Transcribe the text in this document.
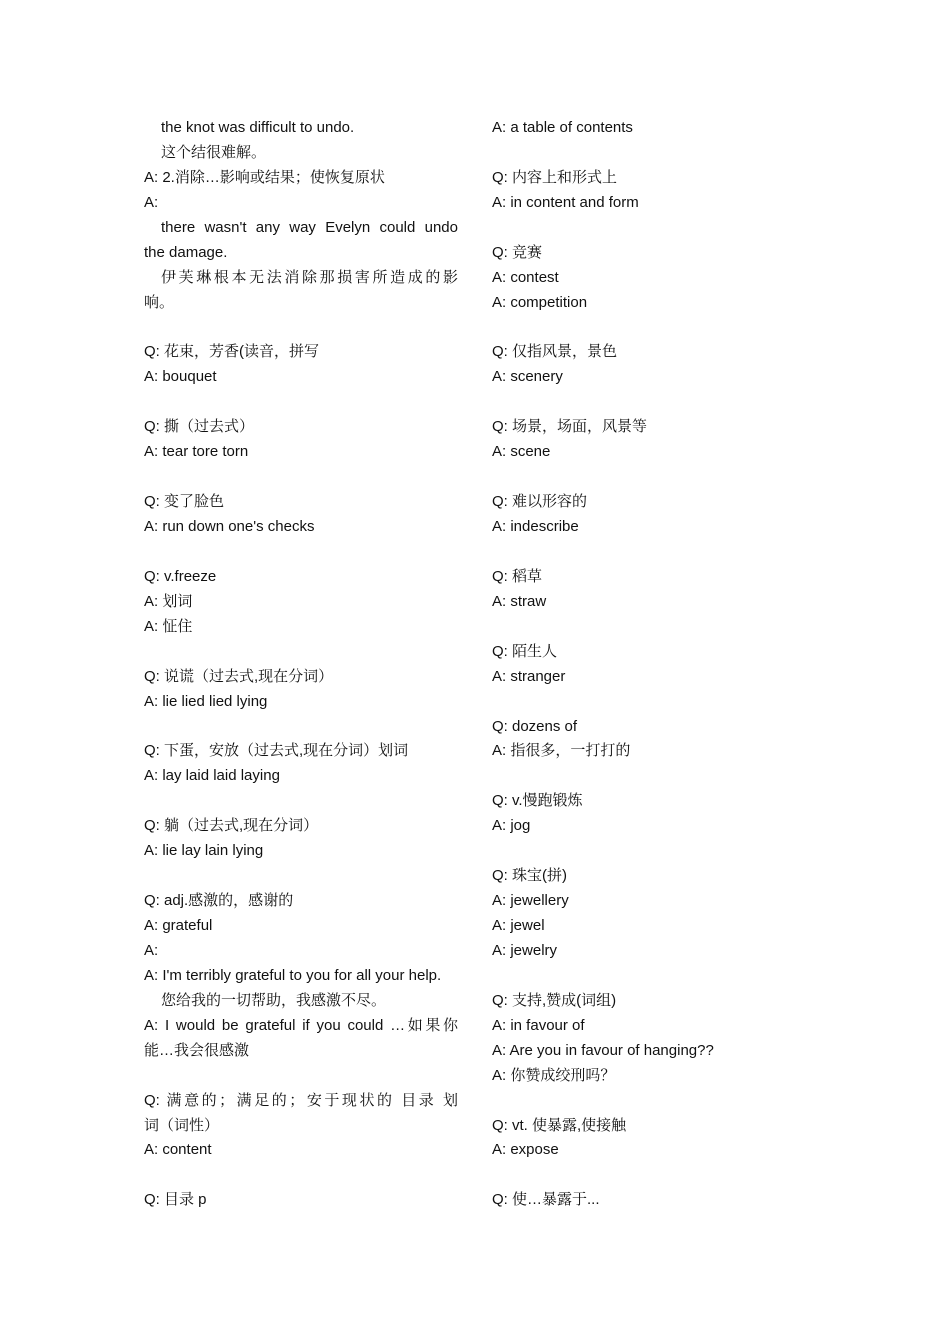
the knot was difficult to undo.
这个结很难解。
A: 2.消除…影响或结果；使恢复原状
A:
there wasn't any way Evelyn could undo
the damage.
伊芙琳根本无法消除那损害所造成的影
响。
Q: 花束，芳香(读音，拼写
A: bouquet
Q: 撕（过去式）
A: tear tore torn
Q: 变了脸色
A: run down one's checks
Q: v.freeze
A: 划词
A: 怔住
Q: 说谎（过去式,现在分词）
A: lie lied lied lying
Q: 下蛋，安放（过去式,现在分词）划词
A: lay laid laid laying
Q: 躺（过去式,现在分词）
A: lie lay lain lying
Q: adj.感激的，感谢的
A: grateful
A:
A: I'm terribly grateful to you for all your help.
您给我的一切帮助，我感激不尽。
A: I would be grateful if you could …如果你
能…我会很感激
Q: 满意的；满足的；安于现状的 目录 划
词（词性）
A: content
Q: 目录 p
A: a table of contents
Q: 内容上和形式上
A: in content and form
Q: 竞赛
A: contest
A: competition
Q: 仅指风景，景色
A: scenery
Q: 场景，场面，风景等
A: scene
Q: 难以形容的
A: indescribe
Q: 稻草
A: straw
Q: 陌生人
A: stranger
Q: dozens of
A: 指很多，一打打的
Q: v.慢跑锻炼
A: jog
Q: 珠宝(拼)
A: jewellery
A: jewel
A: jewelry
Q: 支持,赞成(词组)
A: in favour of
A: Are you in favour of hanging??
A: 你赞成绞刑吗？
Q: vt. 使暴露,使接触
A: expose
Q: 使…暴露于...
